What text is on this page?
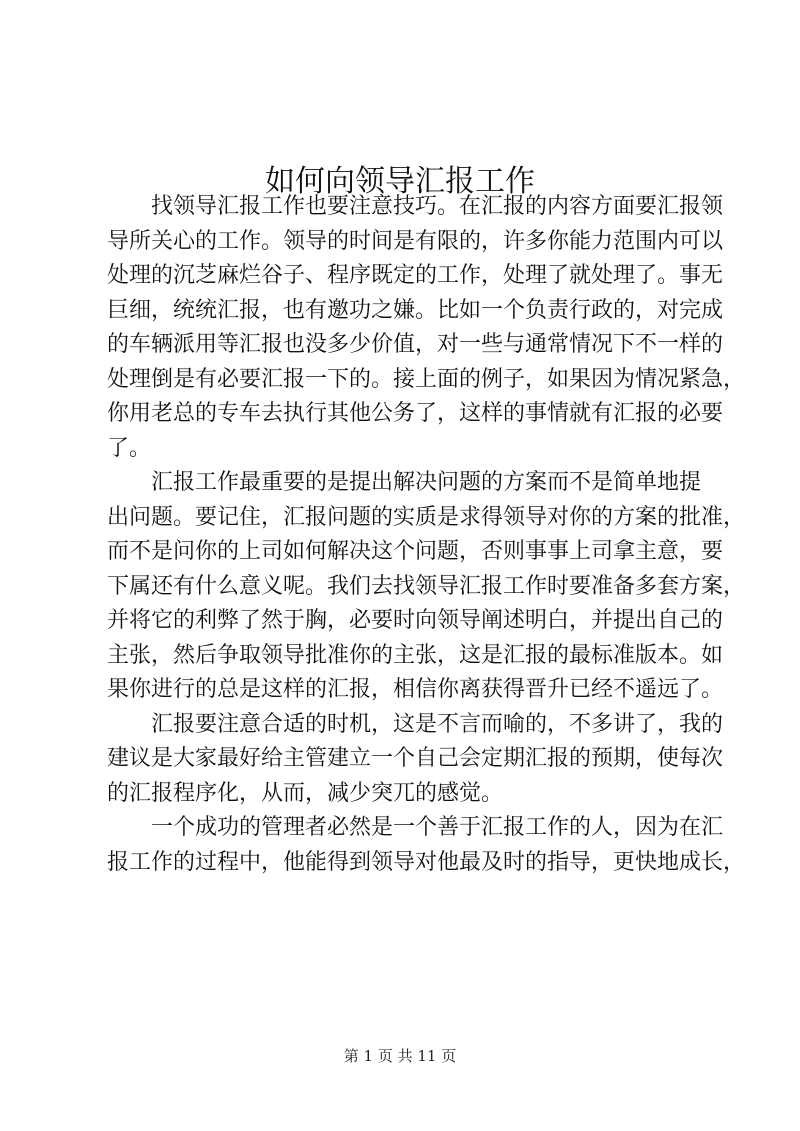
如何向领导汇报工作
找领导汇报工作也要注意技巧。在汇报的内容方面要汇报领
导所关心的工作。领导的时间是有限的，许多你能力范围内可以
处理的沉芝麻烂谷子、程序既定的工作，处理了就处理了。事无
巨细，统统汇报，也有邀功之嫌。比如一个负责行政的，对完成
的车辆派用等汇报也没多少价值，对一些与通常情况下不一样的
处理倒是有必要汇报一下的。接上面的例子，如果因为情况紧急，
你用老总的专车去执行其他公务了，这样的事情就有汇报的必要
了。
汇报工作最重要的是提出解决问题的方案而不是简单地提
出问题。要记住，汇报问题的实质是求得领导对你的方案的批准，
而不是问你的上司如何解决这个问题，否则事事上司拿主意，要
下属还有什么意义呢。我们去找领导汇报工作时要准备多套方案，
并将它的利弊了然于胸，必要时向领导阐述明白，并提出自己的
主张，然后争取领导批准你的主张，这是汇报的最标准版本。如
果你进行的总是这样的汇报，相信你离获得晋升已经不遥远了。
汇报要注意合适的时机，这是不言而喻的，不多讲了，我的
建议是大家最好给主管建立一个自己会定期汇报的预期，使每次
的汇报程序化，从而，减少突兀的感觉。
一个成功的管理者必然是一个善于汇报工作的人，因为在汇
报工作的过程中，他能得到领导对他最及时的指导，更快地成长，
第 1 页 共 11 页
